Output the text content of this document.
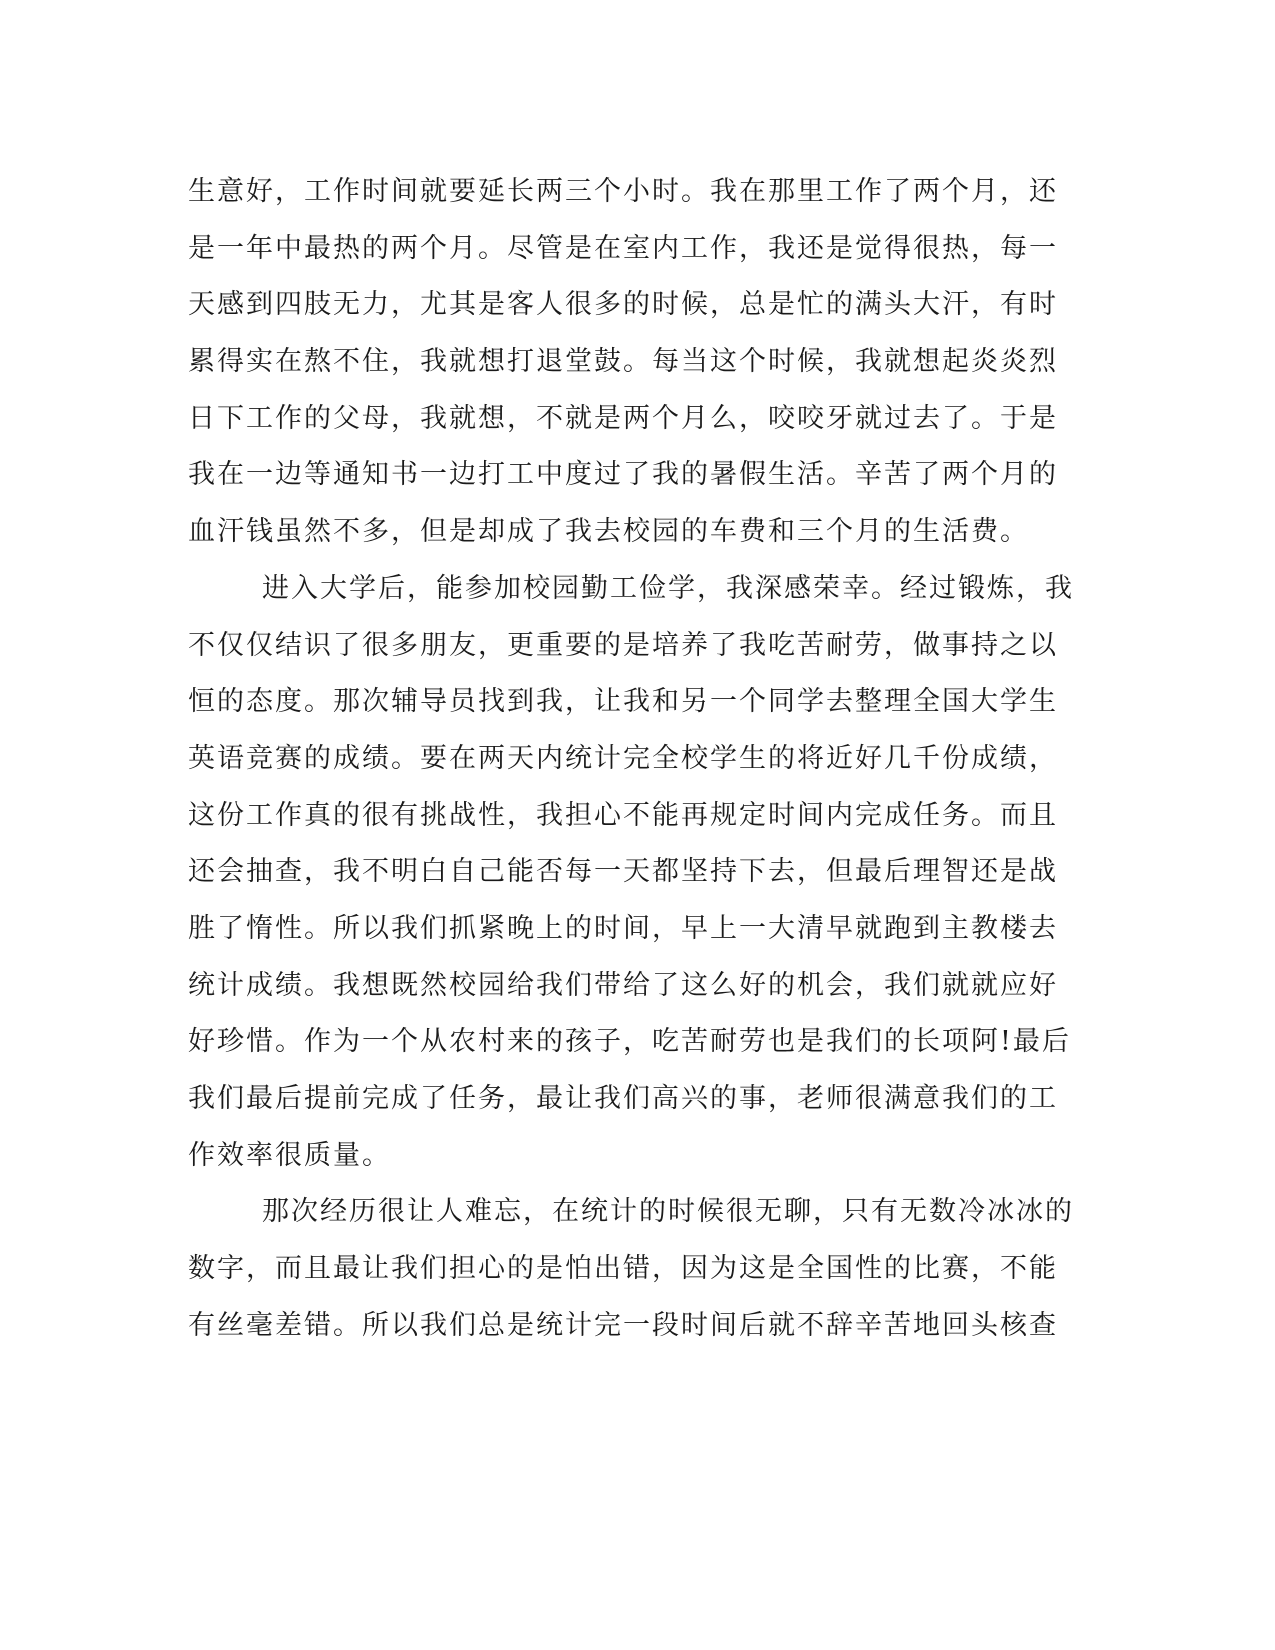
生意好，工作时间就要延长两三个小时。我在那里工作了两个月，还
是一年中最热的两个月。尽管是在室内工作，我还是觉得很热，每一
天感到四肢无力，尤其是客人很多的时候，总是忙的满头大汗，有时
累得实在熬不住，我就想打退堂鼓。每当这个时候，我就想起炎炎烈
日下工作的父母，我就想，不就是两个月么，咬咬牙就过去了。于是
我在一边等通知书一边打工中度过了我的暑假生活。辛苦了两个月的
血汗钱虽然不多，但是却成了我去校园的车费和三个月的生活费。
进入大学后，能参加校园勤工俭学，我深感荣幸。经过锻炼，我
不仅仅结识了很多朋友，更重要的是培养了我吃苦耐劳，做事持之以
恒的态度。那次辅导员找到我，让我和另一个同学去整理全国大学生
英语竞赛的成绩。要在两天内统计完全校学生的将近好几千份成绩，
这份工作真的很有挑战性，我担心不能再规定时间内完成任务。而且
还会抽查，我不明白自己能否每一天都坚持下去，但最后理智还是战
胜了惰性。所以我们抓紧晚上的时间，早上一大清早就跑到主教楼去
统计成绩。我想既然校园给我们带给了这么好的机会，我们就就应好
好珍惜。作为一个从农村来的孩子，吃苦耐劳也是我们的长项阿!最后
我们最后提前完成了任务，最让我们高兴的事，老师很满意我们的工
作效率很质量。
那次经历很让人难忘，在统计的时候很无聊，只有无数冷冰冰的
数字，而且最让我们担心的是怕出错，因为这是全国性的比赛，不能
有丝毫差错。所以我们总是统计完一段时间后就不辞辛苦地回头核查
